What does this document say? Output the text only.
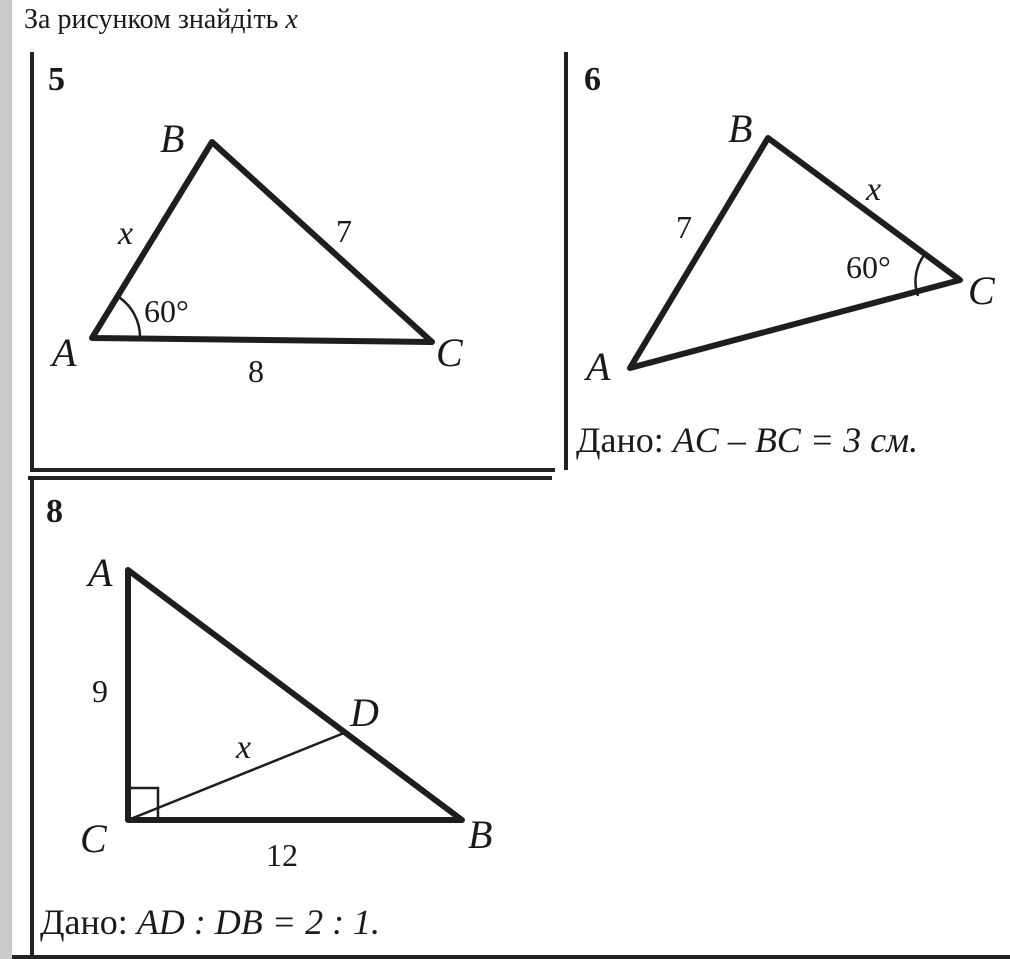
За рисунком знайдіть x
5
B
A	C
x	7
8
60°
6
B
A
C
7
x
60°
Дано: AC – BC = 3 см.
8
A
C	B
D
9
12
x
Дано: AD : DB = 2 : 1.
